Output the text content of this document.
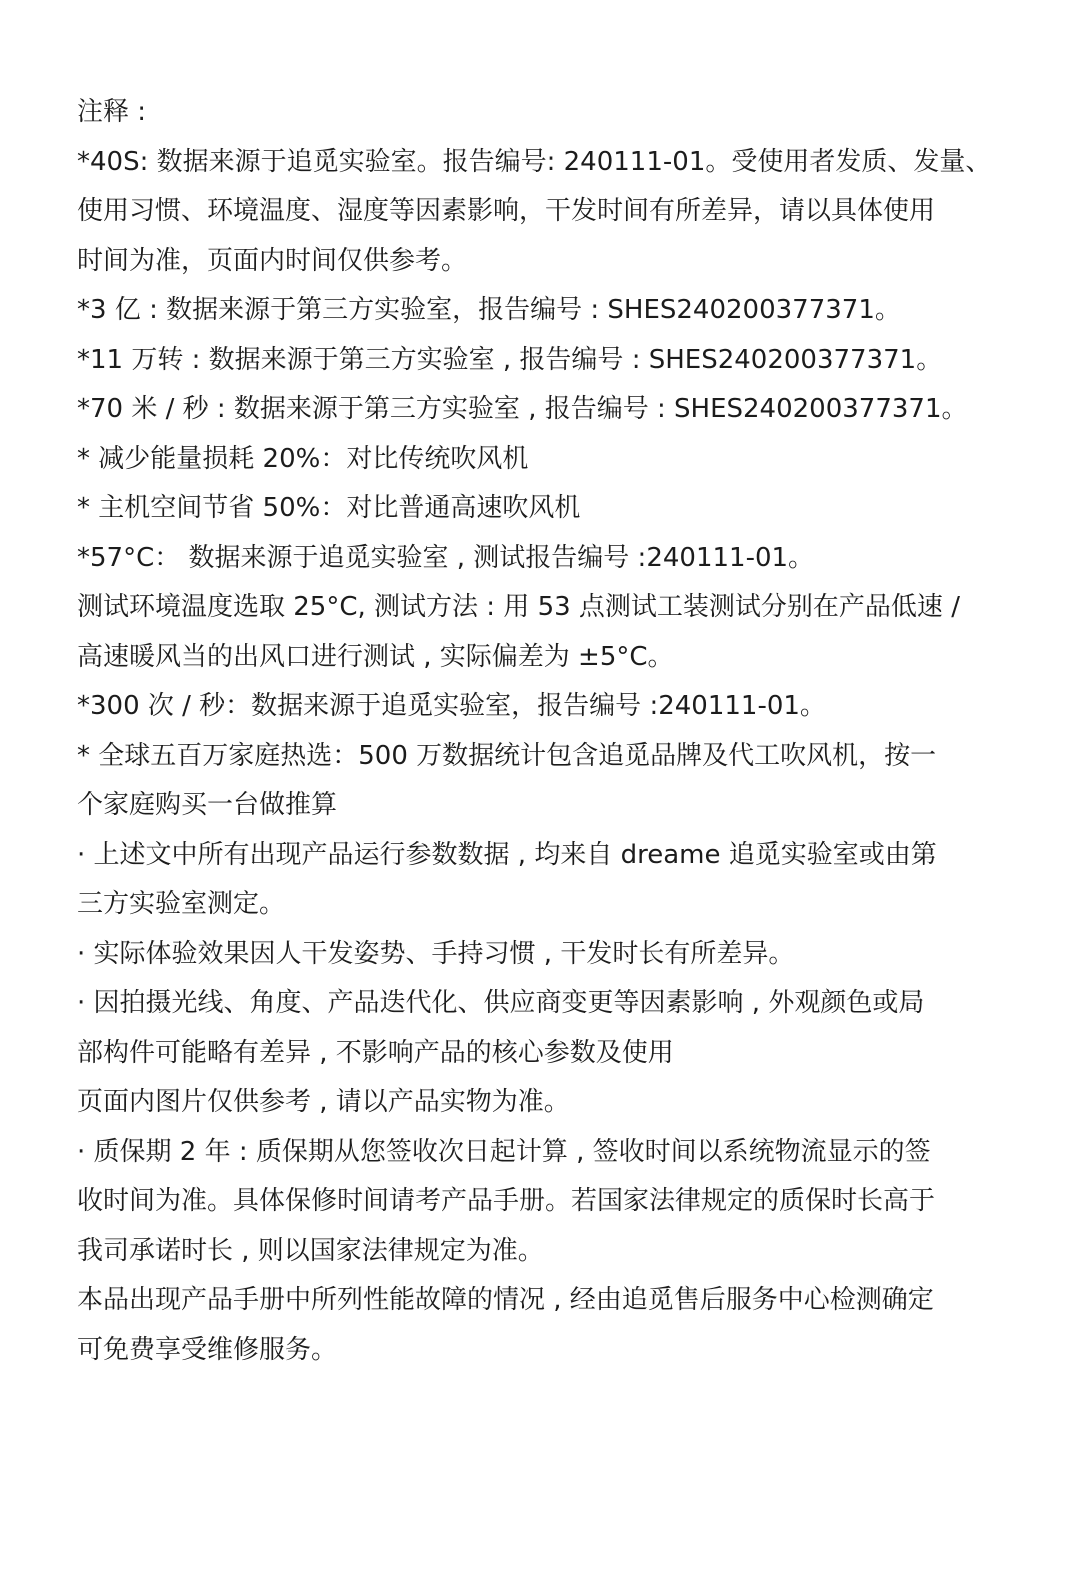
注释 :
*40S: 数据来源于追觅实验室。报告编号: 240111-01。受使用者发质、发量、
使用习惯、环境温度、湿度等因素影响，干发时间有所差异，请以具体使用
时间为准，页面内时间仅供参考。
*3 亿 : 数据来源于第三方实验室，报告编号 : SHES240200377371。
*11 万转 : 数据来源于第三方实验室 , 报告编号 : SHES240200377371。
*70 米 / 秒 : 数据来源于第三方实验室 , 报告编号 : SHES240200377371。
* 减少能量损耗 20%：对比传统吹风机
* 主机空间节省 50%：对比普通高速吹风机
*57°C： 数据来源于追觅实验室 , 测试报告编号 :240111-01。
测试环境温度选取 25°C, 测试方法 : 用 53 点测试工装测试分别在产品低速 /
高速暖风当的出风口进行测试 , 实际偏差为 ±5°C。
*300 次 / 秒：数据来源于追觅实验室，报告编号 :240111-01。
* 全球五百万家庭热选：500 万数据统计包含追觅品牌及代工吹风机，按一
个家庭购买一台做推算
· 上述文中所有出现产品运行参数数据 , 均来自 dreame 追觅实验室或由第
三方实验室测定。
· 实际体验效果因人干发姿势、手持习惯 , 干发时长有所差异。
· 因拍摄光线、角度、产品迭代化、供应商变更等因素影响 , 外观颜色或局
部构件可能略有差异 , 不影响产品的核心参数及使用
页面内图片仅供参考 , 请以产品实物为准。
· 质保期 2 年 : 质保期从您签收次日起计算 , 签收时间以系统物流显示的签
收时间为准。具体保修时间请考产品手册。若国家法律规定的质保时长高于
我司承诺时长 , 则以国家法律规定为准。
本品出现产品手册中所列性能故障的情况 , 经由追觅售后服务中心检测确定
可免费享受维修服务。
